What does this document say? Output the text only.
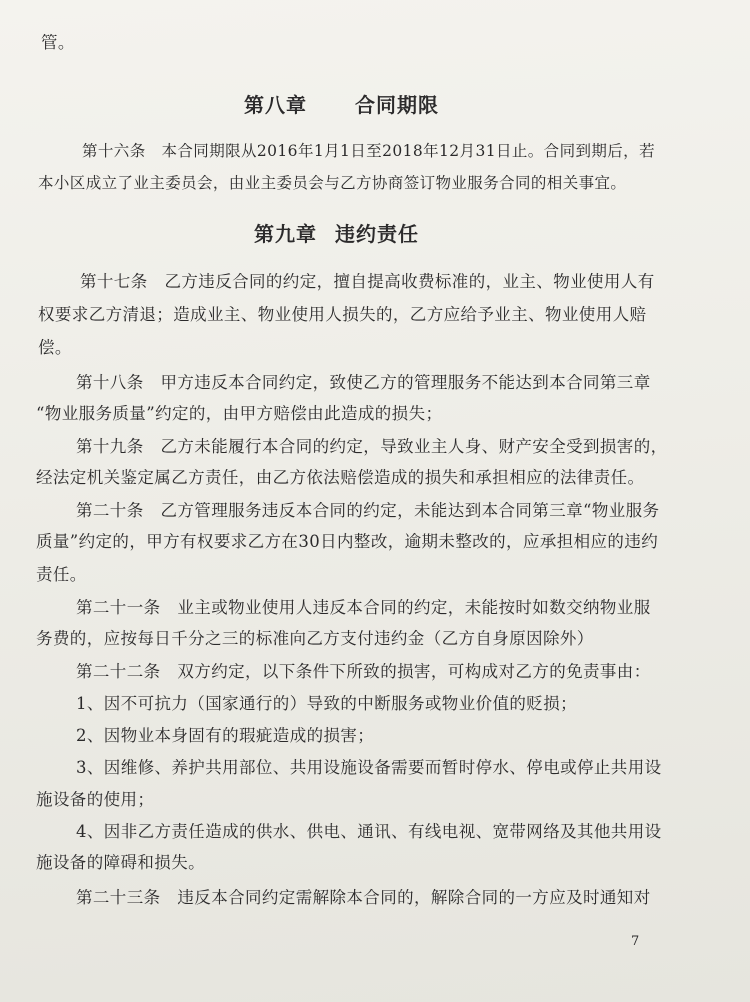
管。
第八章 合同期限
第十六条　本合同期限从2016年1月1日至2018年12月31日止。合同到期后，若
本小区成立了业主委员会，由业主委员会与乙方协商签订物业服务合同的相关事宜。
第九章 违约责任
第十七条　乙方违反合同的约定，擅自提高收费标准的，业主、物业使用人有
权要求乙方清退；造成业主、物业使用人损失的，乙方应给予业主、物业使用人赔
偿。
第十八条　甲方违反本合同约定，致使乙方的管理服务不能达到本合同第三章
“物业服务质量”约定的，由甲方赔偿由此造成的损失；
第十九条　乙方未能履行本合同的约定，导致业主人身、财产安全受到损害的，
经法定机关鉴定属乙方责任，由乙方依法赔偿造成的损失和承担相应的法律责任。
第二十条　乙方管理服务违反本合同的约定，未能达到本合同第三章“物业服务
质量”约定的，甲方有权要求乙方在30日内整改，逾期未整改的，应承担相应的违约
责任。
第二十一条　业主或物业使用人违反本合同的约定，未能按时如数交纳物业服
务费的，应按每日千分之三的标准向乙方支付违约金（乙方自身原因除外）
第二十二条　双方约定，以下条件下所致的损害，可构成对乙方的免责事由：
1、因不可抗力（国家通行的）导致的中断服务或物业价值的贬损；
2、因物业本身固有的瑕疵造成的损害；
3、因维修、养护共用部位、共用设施设备需要而暂时停水、停电或停止共用设
施设备的使用；
4、因非乙方责任造成的供水、供电、通讯、有线电视、宽带网络及其他共用设
施设备的障碍和损失。
第二十三条　违反本合同约定需解除本合同的，解除合同的一方应及时通知对
7
